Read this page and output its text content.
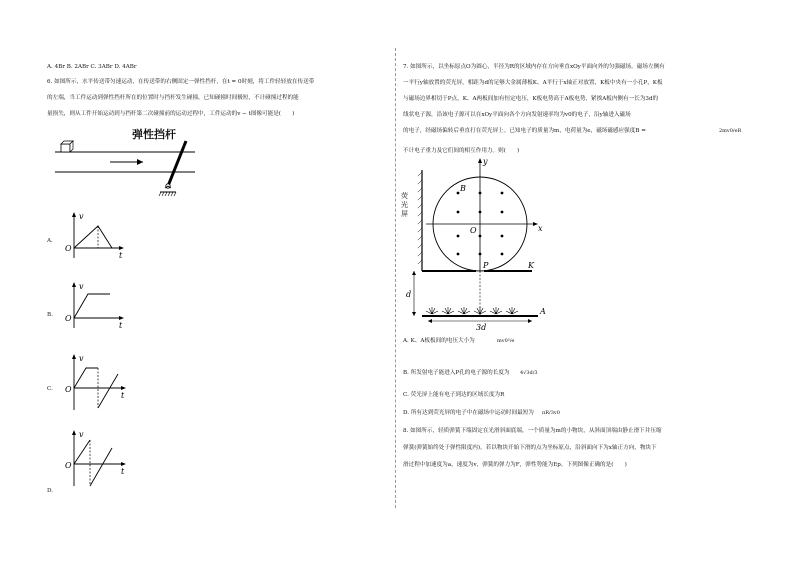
A. 4Br B. 2ABr C. 3ABr D. 4ABr
6. 如图所示，水平传送带匀速运动，在传送带的右侧固定一弹性挡杆，在t = 0时刻，将工件轻轻放在传送带
的左端，当工件运动到弹性挡杆所在的位置时与挡杆发生碰撞，已知碰撞时间极短，不计碰撞过程的能
量损失，则从工件开始运动到与挡杆第二次碰撞前的运动过程中，工件运动的v − t图像可能是(　　)
弹性挡杆
v
t
O
A.
v
t
O
B.
v
t
O
C.
v
t
O
D.
7. 如图所示，以坐标原点O为圆心，半径为R的区域内存在方向垂直xOy平面向外的匀强磁场。磁场左侧有
一平行y轴放置的荧光屏，相距为d的足够大金属薄板K、A平行于x轴正对放置，K板中央有一小孔P，K板
与磁场边界相切于P点，K、A两板间加有恒定电压，K板电势高于A板电势，紧挨A板内侧有一长为3d的
线状电子源，沿该电子源可以在xOy平面向各个方向发射速率均为v0的电子，沿y轴进入磁场
的电子，经磁场偏转后垂直打在荧光屏上。已知电子的质量为m，电荷量为e，磁场磁感应强度B =	2mv0/eR
不计电子重力及它们间的相互作用力。则(　　)
B
y
x
O
P	K
A
d
3d
荧光屏
A. K、A板板间的电压大小为	mv0²/e
B. 所发射电子能进入P孔的电子源的长度为 4√3d/3
C. 荧光屏上能有电子到达的区域长度为R
D. 所有达到荧光屏的电子中在磁场中运动时间最短为 πR/3v0
8. 如图所示，轻质弹簧下端固定在光滑斜面底端，一个质量为m的小物块，从斜面顶端由静止滑下并压缩
弹簧(弹簧始终处于弹性限度内)。若以物块开始下滑的点为坐标原点，沿斜面向下为x轴正方向，物块下
滑过程中加速度为a，速度为v，弹簧的弹力为F，弹性势能为Ep。下列图像正确的是(　　)
